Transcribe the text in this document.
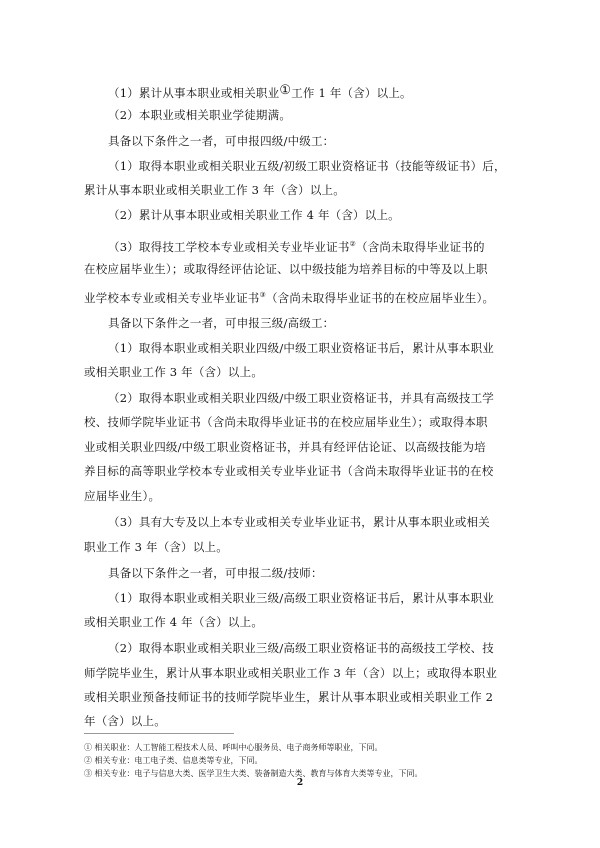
（1）累计从事本职业或相关职业①工作 1 年（含）以上。

（2）本职业或相关职业学徒期满。

具备以下条件之一者，可申报四级/中级工：

（1）取得本职业或相关职业五级/初级工职业资格证书（技能等级证书）后，

累计从事本职业或相关职业工作 3 年（含）以上。

（2）累计从事本职业或相关职业工作 4 年（含）以上。

（3）取得技工学校本专业或相关专业毕业证书②（含尚未取得毕业证书的

在校应届毕业生）；或取得经评估论证、以中级技能为培养目标的中等及以上职

业学校本专业或相关专业毕业证书③（含尚未取得毕业证书的在校应届毕业生）。

具备以下条件之一者，可申报三级/高级工：

（1）取得本职业或相关职业四级/中级工职业资格证书后，累计从事本职业

或相关职业工作 3 年（含）以上。

（2）取得本职业或相关职业四级/中级工职业资格证书，并具有高级技工学

校、技师学院毕业证书（含尚未取得毕业证书的在校应届毕业生）；或取得本职

业或相关职业四级/中级工职业资格证书，并具有经评估论证、以高级技能为培

养目标的高等职业学校本专业或相关专业毕业证书（含尚未取得毕业证书的在校

应届毕业生）。

（3）具有大专及以上本专业或相关专业毕业证书，累计从事本职业或相关

职业工作 3 年（含）以上。

具备以下条件之一者，可申报二级/技师：

（1）取得本职业或相关职业三级/高级工职业资格证书后，累计从事本职业

或相关职业工作 4 年（含）以上。

（2）取得本职业或相关职业三级/高级工职业资格证书的高级技工学校、技

师学院毕业生，累计从事本职业或相关职业工作 3 年（含）以上；或取得本职业

或相关职业预备技师证书的技师学院毕业生，累计从事本职业或相关职业工作 2

年（含）以上。

① 相关职业：人工智能工程技术人员、呼叫中心服务员、电子商务师等职业，下同。

② 相关专业：电工电子类、信息类等专业，下同。

③ 相关专业：电子与信息大类、医学卫生大类、装备制造大类、教育与体育大类等专业，下同。

2
